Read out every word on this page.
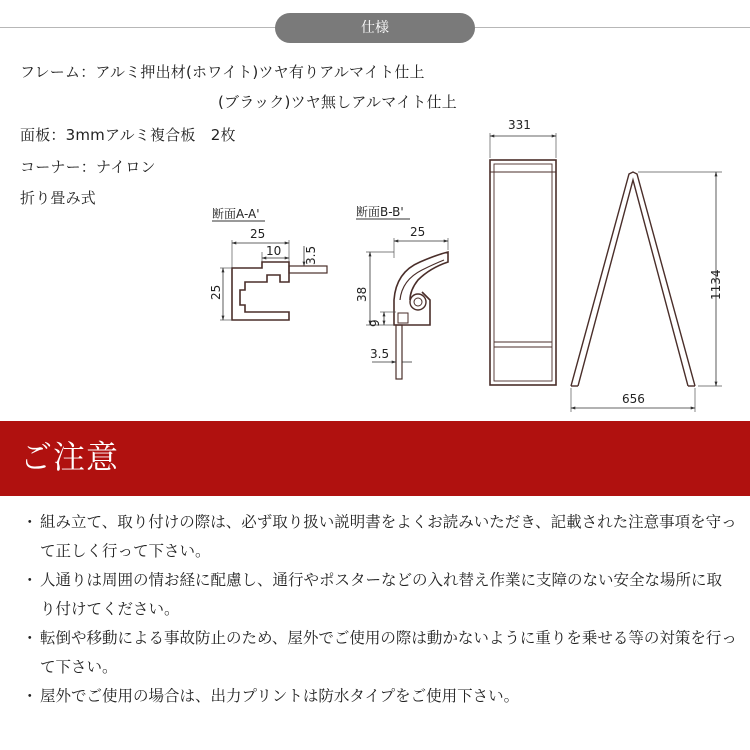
仕様
フレーム：アルミ押出材(ホワイト)ツヤ有りアルマイト仕上
(ブラック)ツヤ無しアルマイト仕上
面板：3mmアルミ複合板　2枚
コーナー：ナイロン
折り畳み式
断面A-A'
25
10 3.5
25
断面B-B'
25
38
9
3.5
331
1134
656
ご注意
・ 組み立て、取り付けの際は、必ず取り扱い説明書をよくお読みいただき、記載された注意事項を守って正しく行って下さい。
・ 人通りは周囲の情お経に配慮し、通行やポスターなどの入れ替え作業に支障のない安全な場所に取　り付けてください。
・ 転倒や移動による事故防止のため、屋外でご使用の際は動かないように重りを乗せる等の対策を行って下さい。
・ 屋外でご使用の場合は、出力プリントは防水タイプをご使用下さい。
